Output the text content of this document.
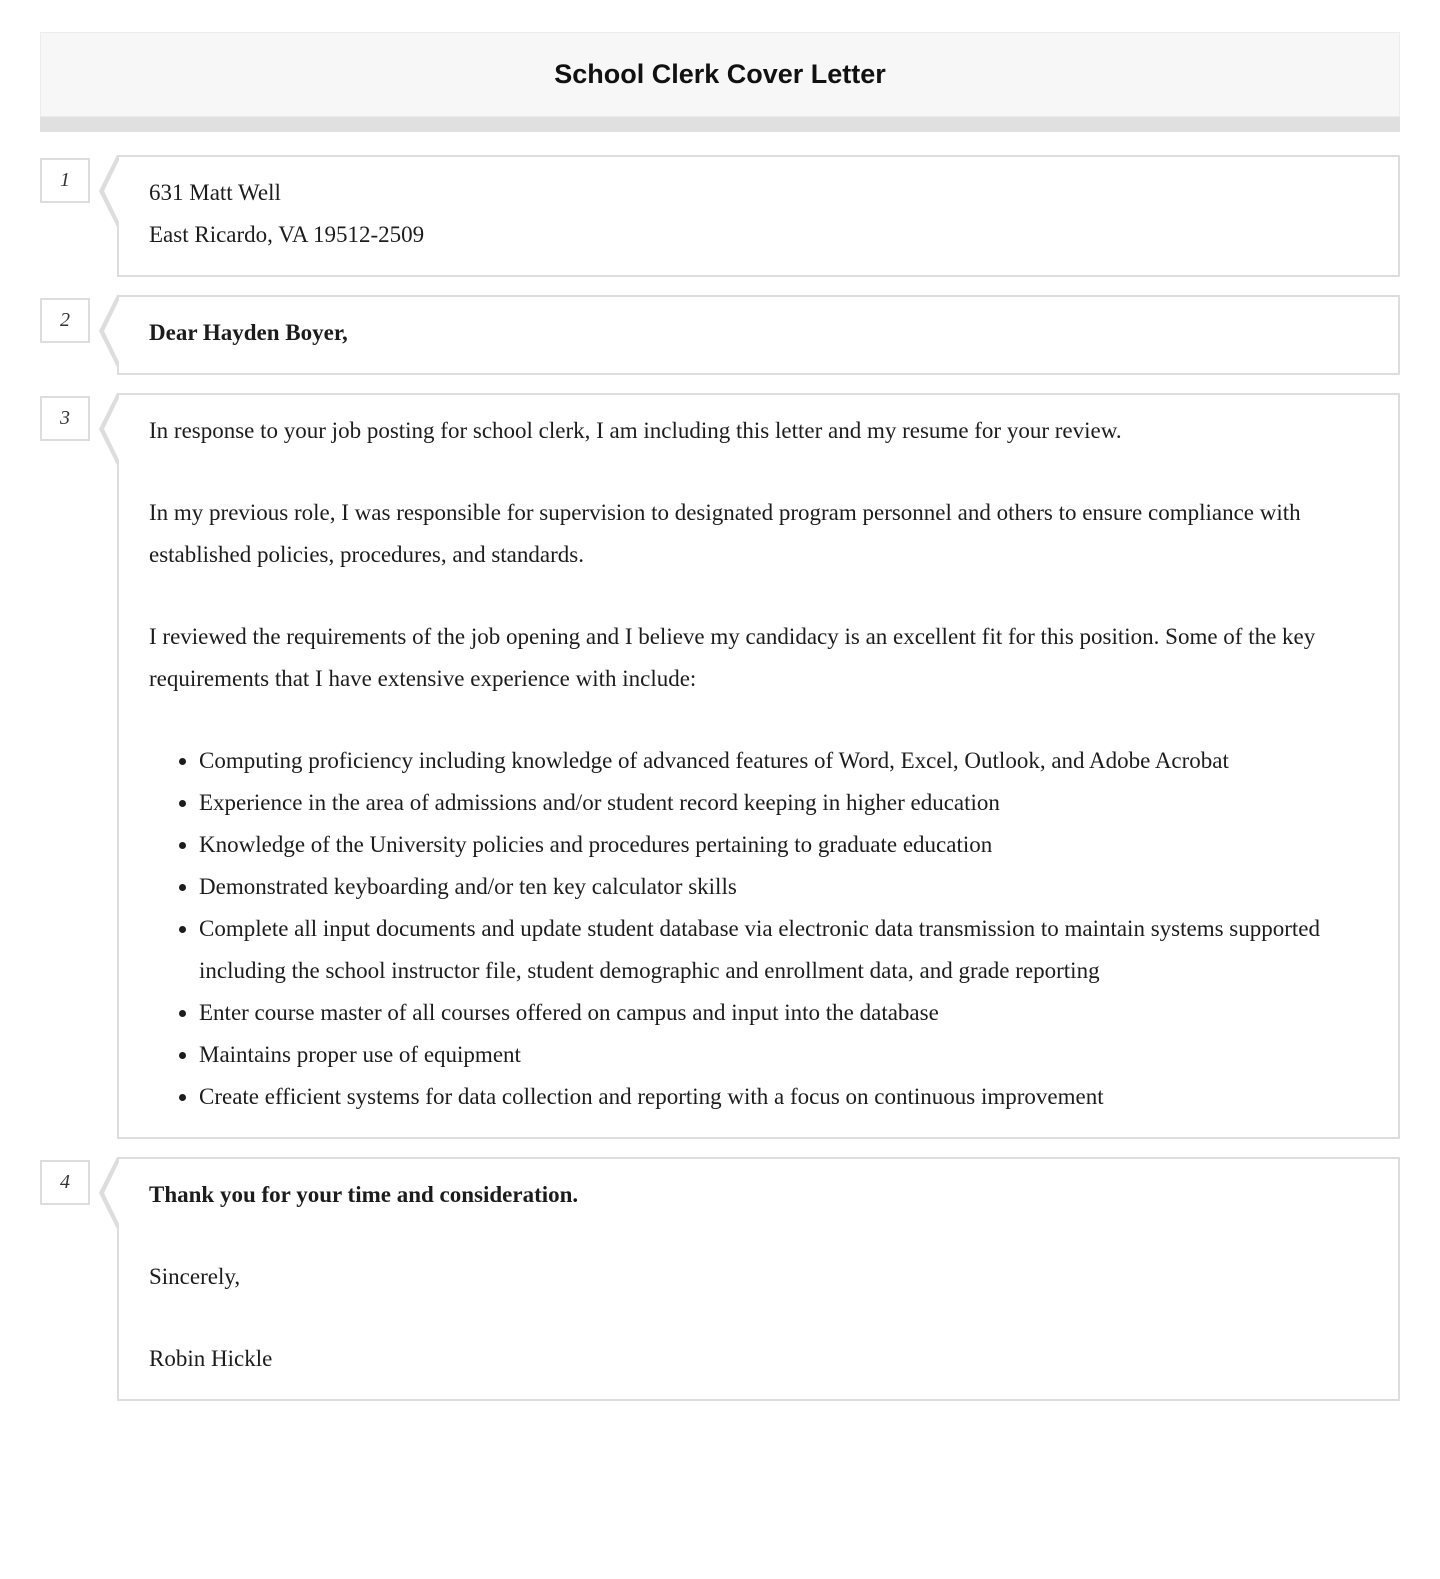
School Clerk Cover Letter
1	631 Matt Well
East Ricardo, VA 19512-2509
2	Dear Hayden Boyer,
3	In response to your job posting for school clerk, I am including this letter and my resume for your review.

In my previous role, I was responsible for supervision to designated program personnel and others to ensure compliance with established policies, procedures, and standards.

I reviewed the requirements of the job opening and I believe my candidacy is an excellent fit for this position. Some of the key requirements that I have extensive experience with include:

• Computing proficiency including knowledge of advanced features of Word, Excel, Outlook, and Adobe Acrobat
• Experience in the area of admissions and/or student record keeping in higher education
• Knowledge of the University policies and procedures pertaining to graduate education
• Demonstrated keyboarding and/or ten key calculator skills
• Complete all input documents and update student database via electronic data transmission to maintain systems supported including the school instructor file, student demographic and enrollment data, and grade reporting
• Enter course master of all courses offered on campus and input into the database
• Maintains proper use of equipment
• Create efficient systems for data collection and reporting with a focus on continuous improvement
4	Thank you for your time and consideration.

Sincerely,

Robin Hickle
